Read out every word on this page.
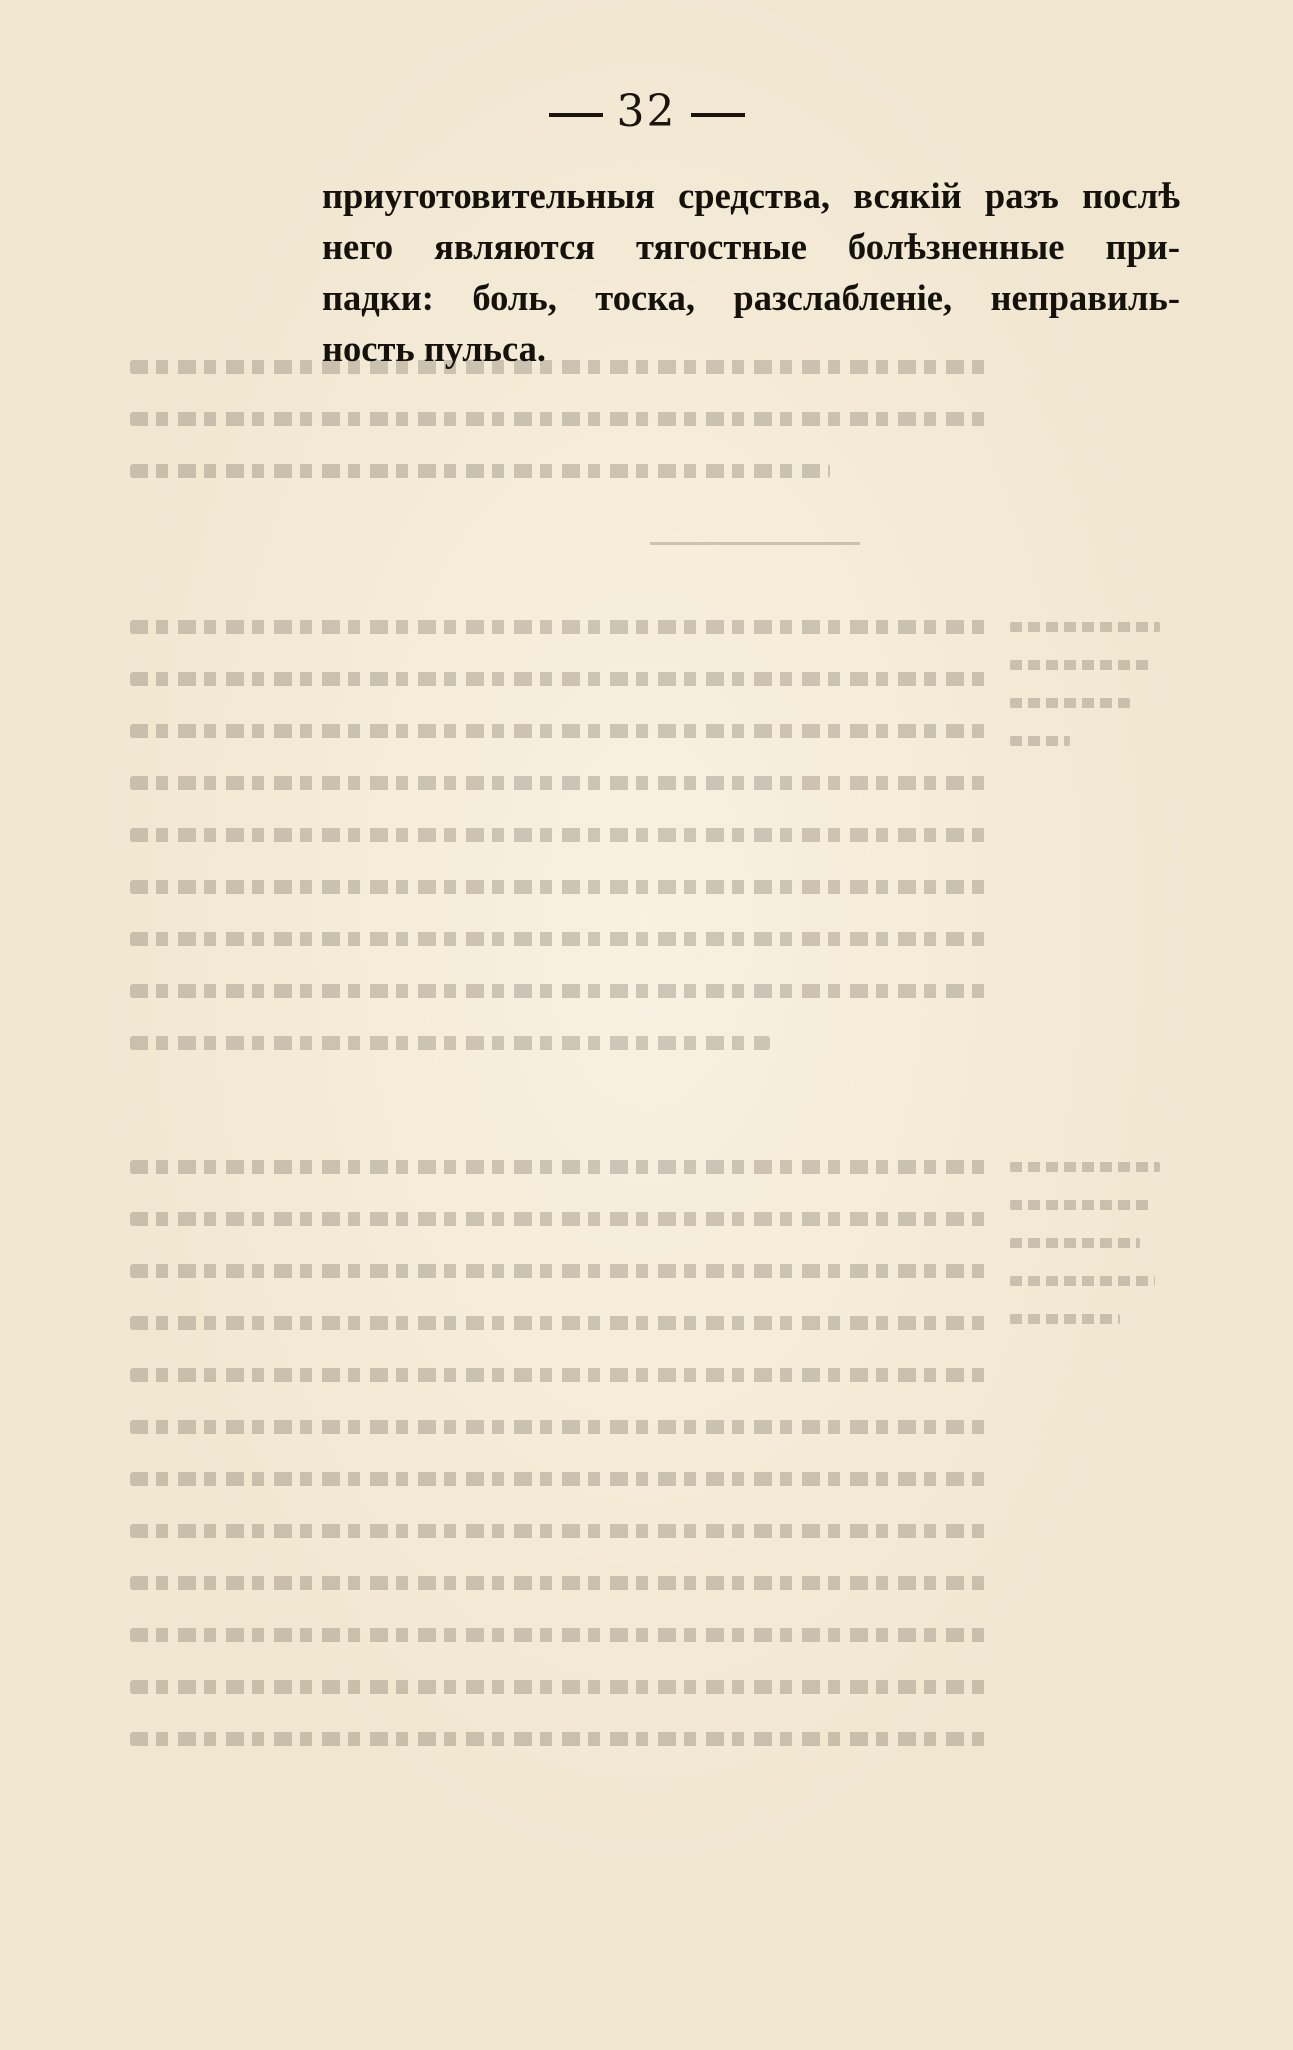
32
приуготовительныя средства, всякій разъ послѣ
него являются тягостные болѣзненные при-
падки: боль, тоска, разслабленіе, неправиль-
ность пульса.
